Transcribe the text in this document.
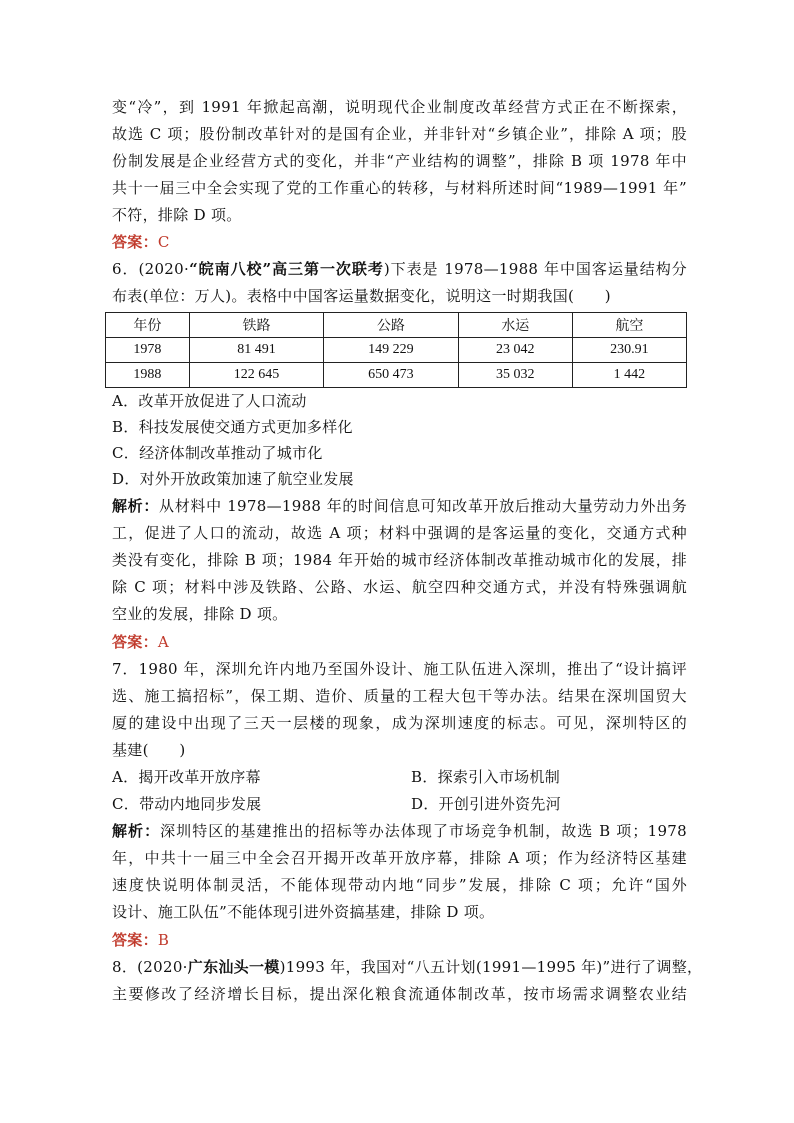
变“冷”，到 1991 年掀起高潮，说明现代企业制度改革经营方式正在不断探索，
故选 C 项；股份制改革针对的是国有企业，并非针对“乡镇企业”，排除 A 项；股
份制发展是企业经营方式的变化，并非“产业结构的调整”，排除 B 项 1978 年中
共十一届三中全会实现了党的工作重心的转移，与材料所述时间“1989—1991 年”
不符，排除 D 项。
答案：C
6．(2020·“皖南八校”高三第一次联考)下表是 1978—1988 年中国客运量结构分
布表(单位：万人)。表格中中国客运量数据变化，说明这一时期我国(　　)
年份	铁路	公路	水运	航空
1978	81 491	149 229	23 042	230.91
1988	122 645	650 473	35 032	1 442
A．改革开放促进了人口流动
B．科技发展使交通方式更加多样化
C．经济体制改革推动了城市化
D．对外开放政策加速了航空业发展
解析：从材料中 1978—1988 年的时间信息可知改革开放后推动大量劳动力外出务
工，促进了人口的流动，故选 A 项；材料中强调的是客运量的变化，交通方式种
类没有变化，排除 B 项；1984 年开始的城市经济体制改革推动城市化的发展，排
除 C 项；材料中涉及铁路、公路、水运、航空四种交通方式，并没有特殊强调航
空业的发展，排除 D 项。
答案：A
7．1980 年，深圳允许内地乃至国外设计、施工队伍进入深圳，推出了“设计搞评
选、施工搞招标”，保工期、造价、质量的工程大包干等办法。结果在深圳国贸大
厦的建设中出现了三天一层楼的现象，成为深圳速度的标志。可见，深圳特区的
基建(　　)
A．揭开改革开放序幕	B．探索引入市场机制
C．带动内地同步发展	D．开创引进外资先河
解析：深圳特区的基建推出的招标等办法体现了市场竞争机制，故选 B 项；1978
年，中共十一届三中全会召开揭开改革开放序幕，排除 A 项；作为经济特区基建
速度快说明体制灵活，不能体现带动内地“同步”发展，排除 C 项；允许“国外
设计、施工队伍”不能体现引进外资搞基建，排除 D 项。
答案：B
8．(2020·广东汕头一模)1993 年，我国对“八五计划(1991—1995 年)”进行了调整，
主要修改了经济增长目标，提出深化粮食流通体制改革，按市场需求调整农业结
